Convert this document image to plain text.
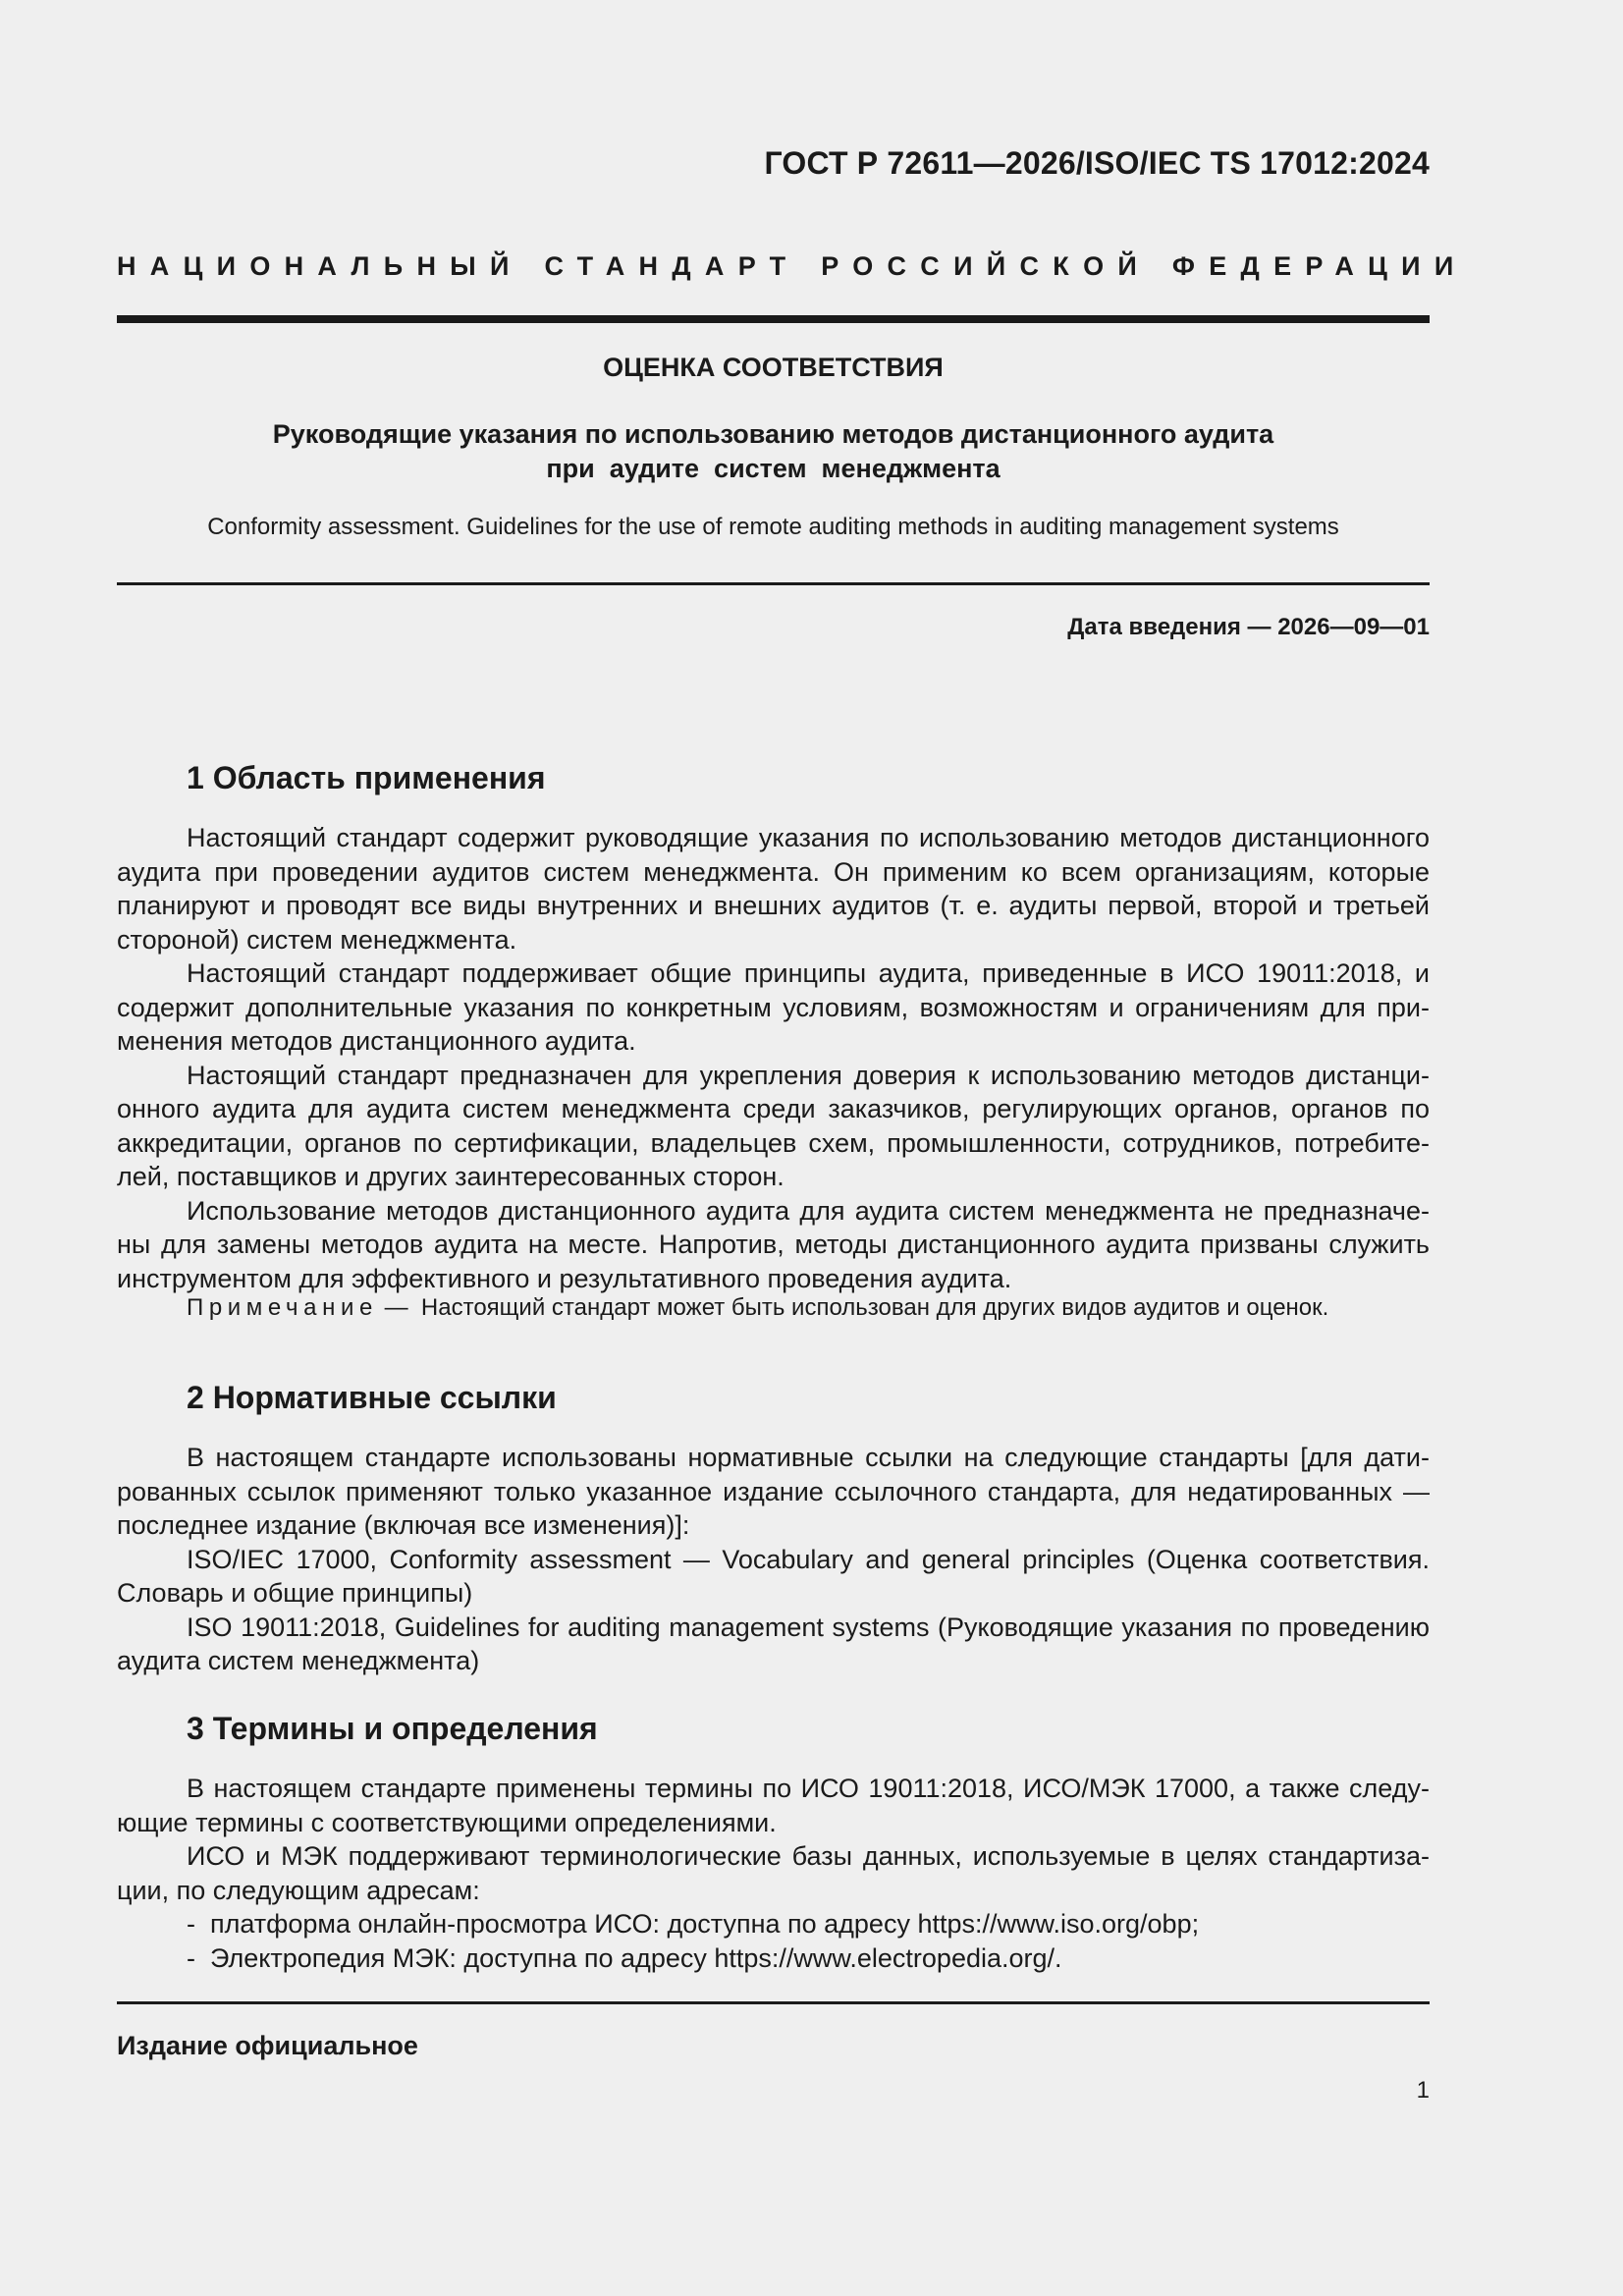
ГОСТ Р 72611—2026/ISO/IEC TS 17012:2024
НАЦИОНАЛЬНЫЙ СТАНДАРТ РОССИЙСКОЙ ФЕДЕРАЦИИ
ОЦЕНКА СООТВЕТСТВИЯ
Руководящие указания по использованию методов дистанционного аудита
при  аудите  систем  менеджмента
Conformity assessment. Guidelines for the use of remote auditing methods in auditing management systems
Дата введения — 2026—09—01
1 Область применения

Настоящий стандарт содержит руководящие указания по использованию методов дистанционного аудита при проведении аудитов систем менеджмента. Он применим ко всем организациям, которые планируют и проводят все виды внутренних и внешних аудитов (т. е. аудиты первой, второй и третьей стороной) систем менеджмента.

Настоящий стандарт поддерживает общие принципы аудита, приведенные в ИСО 19011:2018, и содержит дополнительные указания по конкретным условиям, возможностям и ограничениям для применения методов дистанционного аудита.

Настоящий стандарт предназначен для укрепления доверия к использованию методов дистанционного аудита для аудита систем менеджмента среди заказчиков, регулирующих органов, органов по аккредитации, органов по сертификации, владельцев схем, промышленности, сотрудников, потребителей, поставщиков и других заинтересованных сторон.

Использование методов дистанционного аудита для аудита систем менеджмента не предназначены для замены методов аудита на месте. Напротив, методы дистанционного аудита призваны служить инструментом для эффективного и результативного проведения аудита.

Примечание —  Настоящий стандарт может быть использован для других видов аудитов и оценок.
2 Нормативные ссылки

В настоящем стандарте использованы нормативные ссылки на следующие стандарты [для датированных ссылок применяют только указанное издание ссылочного стандарта, для недатированных — последнее издание (включая все изменения)]:

ISO/IEC 17000, Conformity assessment — Vocabulary and general principles (Оценка соответствия. Словарь и общие принципы)

ISO 19011:2018, Guidelines for auditing management systems (Руководящие указания по проведению аудита систем менеджмента)

3 Термины и определения

В настоящем стандарте применены термины по ИСО 19011:2018, ИСО/МЭК 17000, а также следующие термины с соответствующими определениями.

ИСО и МЭК поддерживают терминологические базы данных, используемые в целях стандартизации, по следующим адресам:

-  платформа онлайн-просмотра ИСО: доступна по адресу https://www.iso.org/obp;
-  Электропедия МЭК: доступна по адресу https://www.electropedia.org/.
Издание официальное
1
